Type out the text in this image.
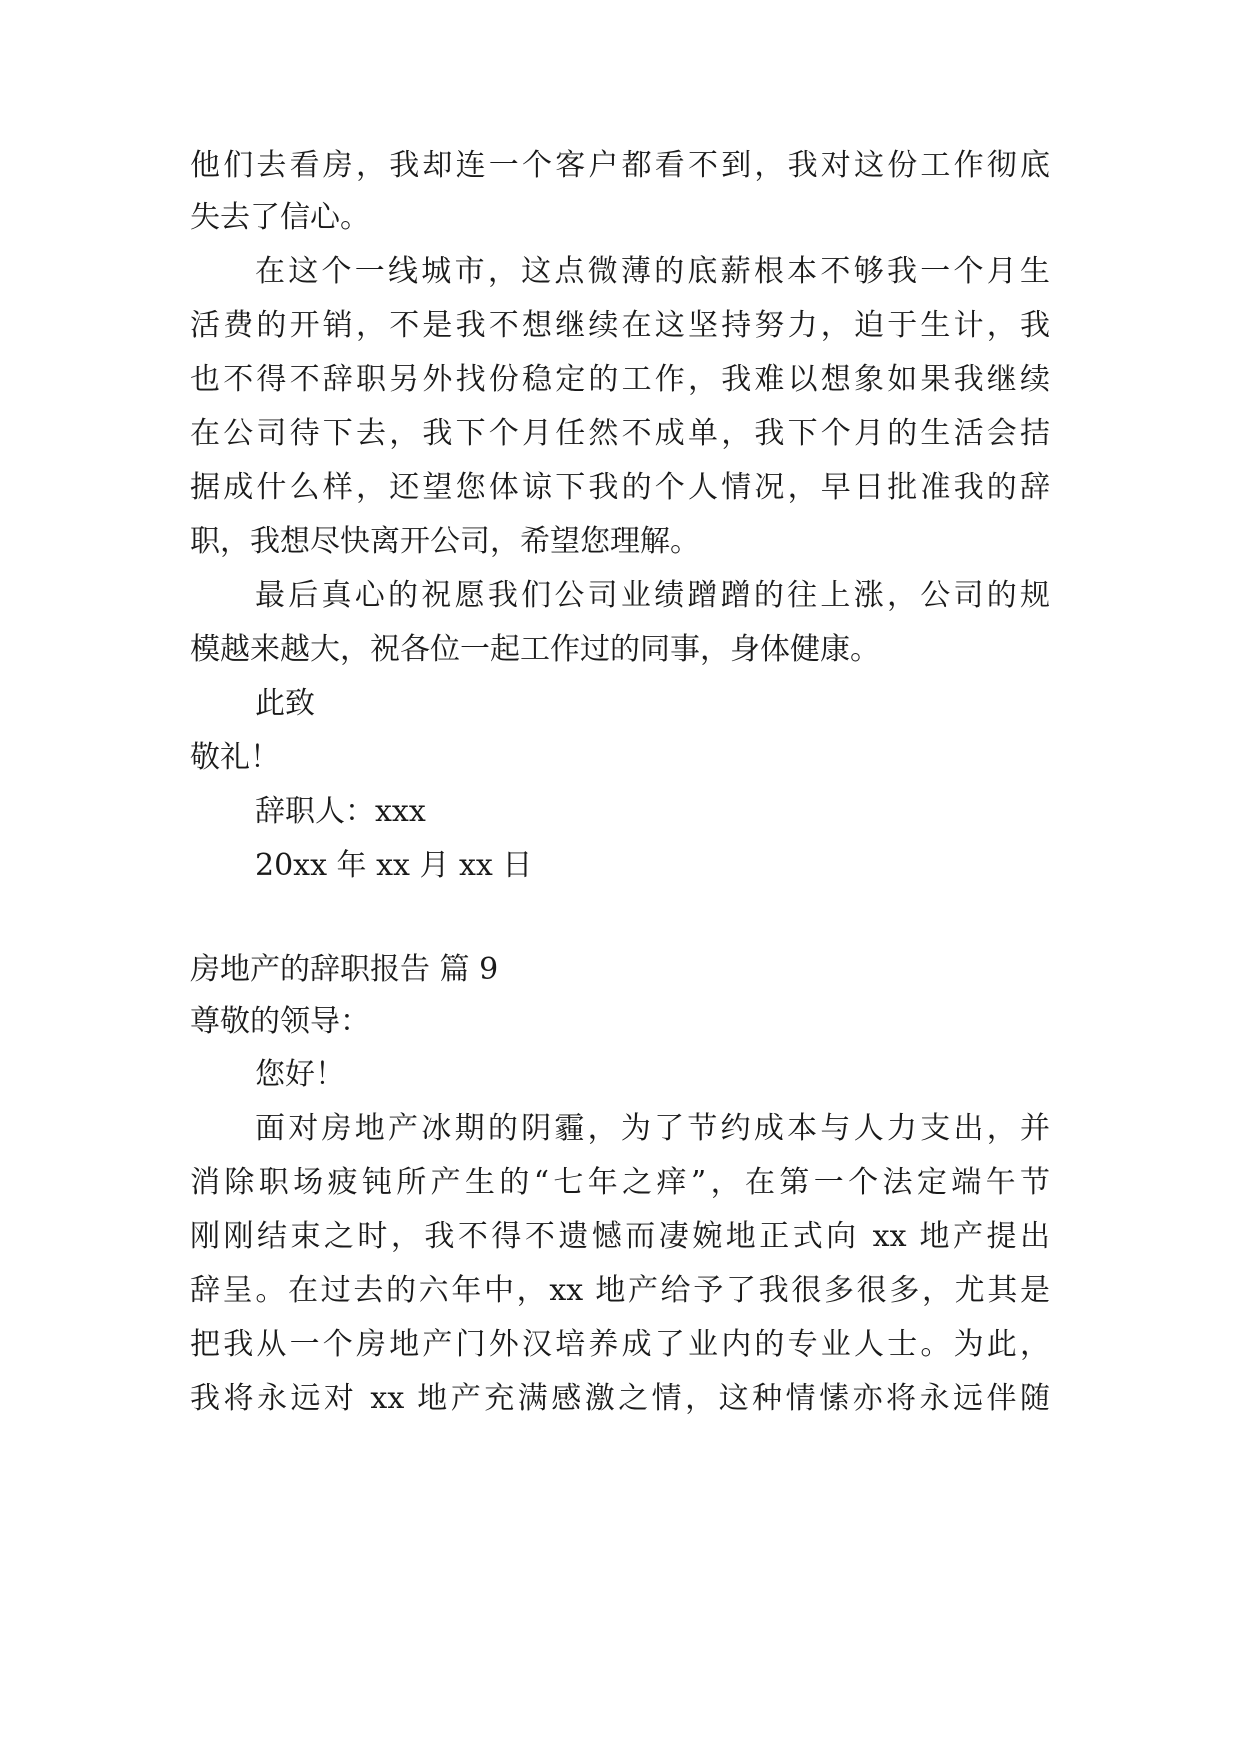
他们去看房，我却连一个客户都看不到，我对这份工作彻底
失去了信心。
在这个一线城市，这点微薄的底薪根本不够我一个月生
活费的开销，不是我不想继续在这坚持努力，迫于生计，我
也不得不辞职另外找份稳定的工作，我难以想象如果我继续
在公司待下去，我下个月任然不成单，我下个月的生活会拮
据成什么样，还望您体谅下我的个人情况，早日批准我的辞
职，我想尽快离开公司，希望您理解。
最后真心的祝愿我们公司业绩蹭蹭的往上涨，公司的规
模越来越大，祝各位一起工作过的同事，身体健康。
此致
敬礼！
辞职人：xxx
20xx 年 xx 月 xx 日
房地产的辞职报告 篇 9
尊敬的领导：
您好！
面对房地产冰期的阴霾，为了节约成本与人力支出，并
消除职场疲钝所产生的“七年之痒”，在第一个法定端午节
刚刚结束之时，我不得不遗憾而凄婉地正式向 xx 地产提出
辞呈。在过去的六年中，xx 地产给予了我很多很多，尤其是
把我从一个房地产门外汉培养成了业内的专业人士。为此，
我将永远对 xx 地产充满感激之情，这种情愫亦将永远伴随
